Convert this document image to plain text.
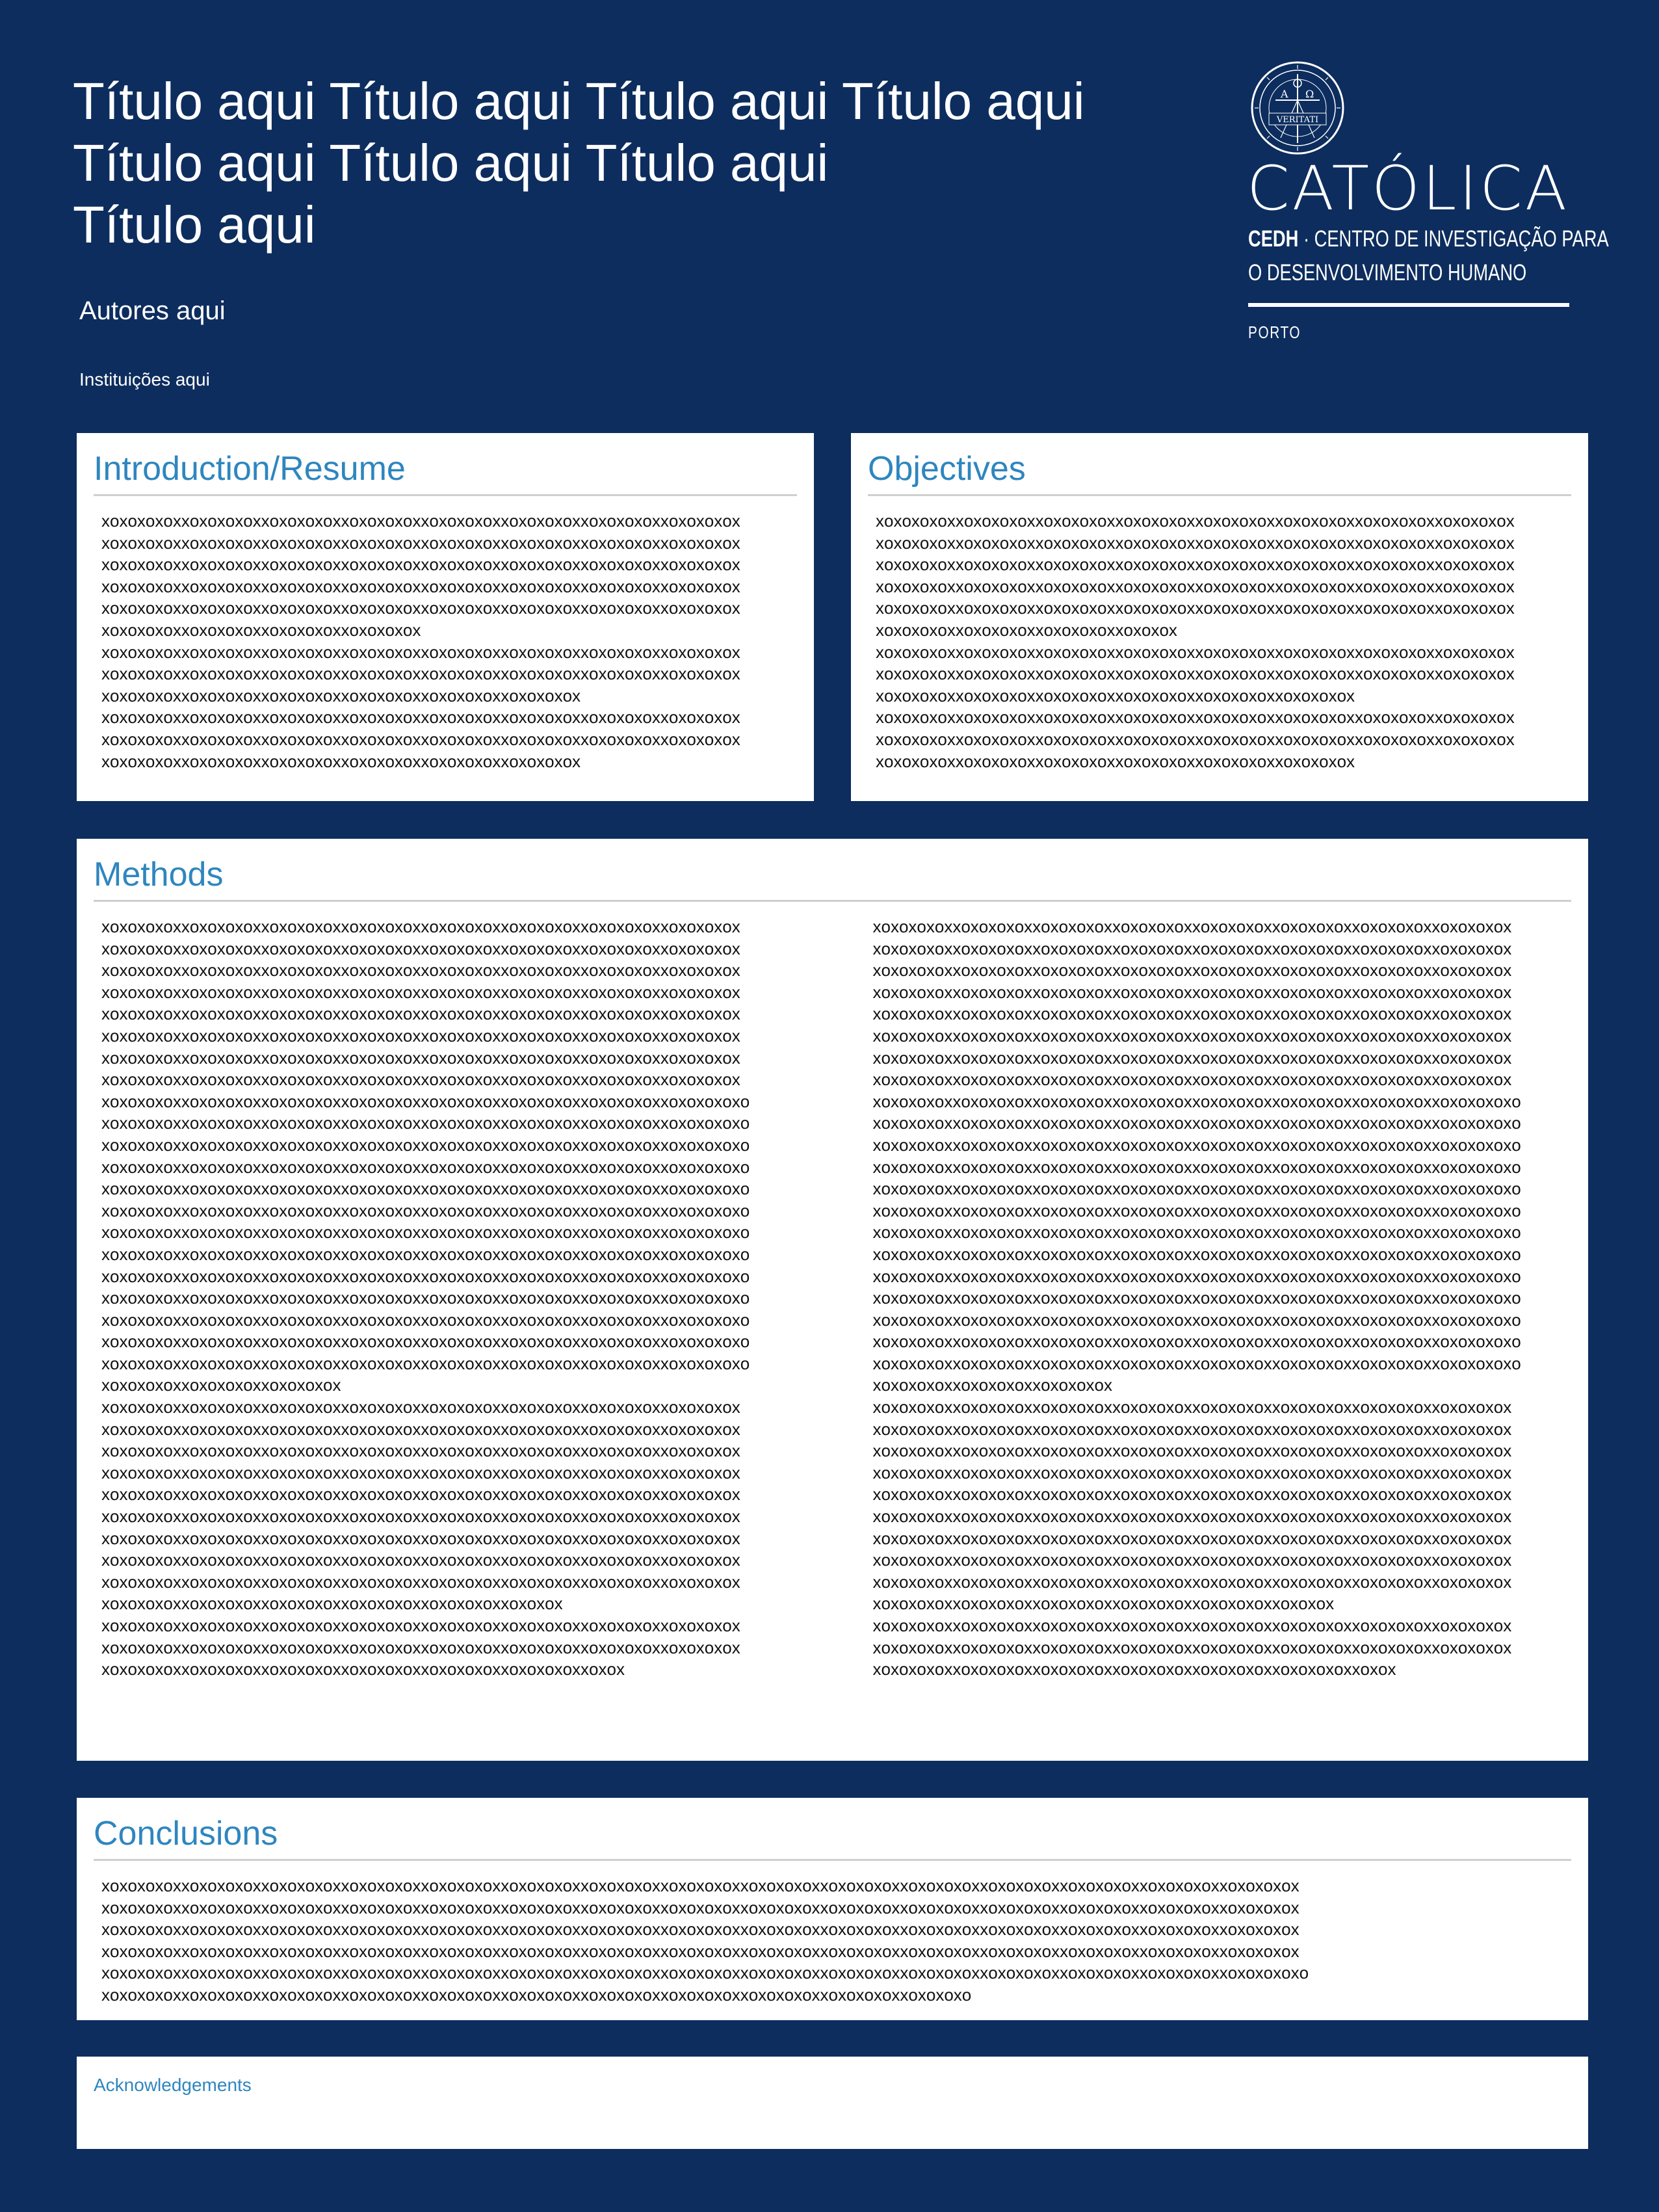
Título aqui Título aqui Título aqui Título aqui
Título aqui Título aqui Título aqui
Título aqui

Autores aqui

Instituições aqui

A Ω
VERITATI
CATÓLICA
CEDH · CENTRO DE INVESTIGAÇÃO PARA
O DESENVOLVIMENTO HUMANO
PORTO
Introduction/Resume

xoxoxoxoxxoxoxoxoxxoxoxoxoxxoxoxoxoxxoxoxoxoxxoxoxoxoxxoxoxoxoxxoxoxoxox
xoxoxoxoxxoxoxoxoxxoxoxoxoxxoxoxoxoxxoxoxoxoxxoxoxoxoxxoxoxoxoxxoxoxoxox
xoxoxoxoxxoxoxoxoxxoxoxoxoxxoxoxoxoxxoxoxoxoxxoxoxoxoxxoxoxoxoxxoxoxoxox
xoxoxoxoxxoxoxoxoxxoxoxoxoxxoxoxoxoxxoxoxoxoxxoxoxoxoxxoxoxoxoxxoxoxoxox
xoxoxoxoxxoxoxoxoxxoxoxoxoxxoxoxoxoxxoxoxoxoxxoxoxoxoxxoxoxoxoxxoxoxoxox
xoxoxoxoxxoxoxoxoxxoxoxoxoxxoxoxoxox

xoxoxoxoxxoxoxoxoxxoxoxoxoxxoxoxoxoxxoxoxoxoxxoxoxoxoxxoxoxoxoxxoxoxoxox
xoxoxoxoxxoxoxoxoxxoxoxoxoxxoxoxoxoxxoxoxoxoxxoxoxoxoxxoxoxoxoxxoxoxoxox
xoxoxoxoxxoxoxoxoxxoxoxoxoxxoxoxoxoxxoxoxoxoxxoxoxoxox

xoxoxoxoxxoxoxoxoxxoxoxoxoxxoxoxoxoxxoxoxoxoxxoxoxoxoxxoxoxoxoxxoxoxoxox
xoxoxoxoxxoxoxoxoxxoxoxoxoxxoxoxoxoxxoxoxoxoxxoxoxoxoxxoxoxoxoxxoxoxoxox
xoxoxoxoxxoxoxoxoxxoxoxoxoxxoxoxoxoxxoxoxoxoxxoxoxoxox

Objectives

xoxoxoxoxxoxoxoxoxxoxoxoxoxxoxoxoxoxxoxoxoxoxxoxoxoxoxxoxoxoxoxxoxoxoxox
xoxoxoxoxxoxoxoxoxxoxoxoxoxxoxoxoxoxxoxoxoxoxxoxoxoxoxxoxoxoxoxxoxoxoxox
xoxoxoxoxxoxoxoxoxxoxoxoxoxxoxoxoxoxxoxoxoxoxxoxoxoxoxxoxoxoxoxxoxoxoxox
xoxoxoxoxxoxoxoxoxxoxoxoxoxxoxoxoxoxxoxoxoxoxxoxoxoxoxxoxoxoxoxxoxoxoxox
xoxoxoxoxxoxoxoxoxxoxoxoxoxxoxoxoxoxxoxoxoxoxxoxoxoxoxxoxoxoxoxxoxoxoxox
xoxoxoxoxxoxoxoxoxxoxoxoxoxxoxoxox

xoxoxoxoxxoxoxoxoxxoxoxoxoxxoxoxoxoxxoxoxoxoxxoxoxoxoxxoxoxoxoxxoxoxoxox
xoxoxoxoxxoxoxoxoxxoxoxoxoxxoxoxoxoxxoxoxoxoxxoxoxoxoxxoxoxoxoxxoxoxoxox
xoxoxoxoxxoxoxoxoxxoxoxoxoxxoxoxoxoxxoxoxoxoxxoxoxoxox

xoxoxoxoxxoxoxoxoxxoxoxoxoxxoxoxoxoxxoxoxoxoxxoxoxoxoxxoxoxoxoxxoxoxoxox
xoxoxoxoxxoxoxoxoxxoxoxoxoxxoxoxoxoxxoxoxoxoxxoxoxoxoxxoxoxoxoxxoxoxoxox
xoxoxoxoxxoxoxoxoxxoxoxoxoxxoxoxoxoxxoxoxoxoxxoxoxoxox

Methods

xoxoxoxoxxoxoxoxoxxoxoxoxoxxoxoxoxoxxoxoxoxoxxoxoxoxoxxoxoxoxoxxoxoxoxox
xoxoxoxoxxoxoxoxoxxoxoxoxoxxoxoxoxoxxoxoxoxoxxoxoxoxoxxoxoxoxoxxoxoxoxox
xoxoxoxoxxoxoxoxoxxoxoxoxoxxoxoxoxoxxoxoxoxoxxoxoxoxoxxoxoxoxoxxoxoxoxox
xoxoxoxoxxoxoxoxoxxoxoxoxoxxoxoxoxoxxoxoxoxoxxoxoxoxoxxoxoxoxoxxoxoxoxox
xoxoxoxoxxoxoxoxoxxoxoxoxoxxoxoxoxoxxoxoxoxoxxoxoxoxoxxoxoxoxoxxoxoxoxox
xoxoxoxoxxoxoxoxoxxoxoxoxoxxoxoxoxoxxoxoxoxoxxoxoxoxoxxoxoxoxoxxoxoxoxox
xoxoxoxoxxoxoxoxoxxoxoxoxoxxoxoxoxoxxoxoxoxoxxoxoxoxoxxoxoxoxoxxoxoxoxox
xoxoxoxoxxoxoxoxoxxoxoxoxoxxoxoxoxoxxoxoxoxoxxoxoxoxoxxoxoxoxoxxoxoxoxox
xoxoxoxoxxoxoxoxoxxoxoxoxoxxoxoxoxoxxoxoxoxoxxoxoxoxoxxoxoxoxoxxoxoxoxoxo
xoxoxoxoxxoxoxoxoxxoxoxoxoxxoxoxoxoxxoxoxoxoxxoxoxoxoxxoxoxoxoxxoxoxoxoxo
xoxoxoxoxxoxoxoxoxxoxoxoxoxxoxoxoxoxxoxoxoxoxxoxoxoxoxxoxoxoxoxxoxoxoxoxo
xoxoxoxoxxoxoxoxoxxoxoxoxoxxoxoxoxoxxoxoxoxoxxoxoxoxoxxoxoxoxoxxoxoxoxoxo
xoxoxoxoxxoxoxoxoxxoxoxoxoxxoxoxoxoxxoxoxoxoxxoxoxoxoxxoxoxoxoxxoxoxoxoxo
xoxoxoxoxxoxoxoxoxxoxoxoxoxxoxoxoxoxxoxoxoxoxxoxoxoxoxxoxoxoxoxxoxoxoxoxo
xoxoxoxoxxoxoxoxoxxoxoxoxoxxoxoxoxoxxoxoxoxoxxoxoxoxoxxoxoxoxoxxoxoxoxoxo
xoxoxoxoxxoxoxoxoxxoxoxoxoxxoxoxoxoxxoxoxoxoxxoxoxoxoxxoxoxoxoxxoxoxoxoxo
xoxoxoxoxxoxoxoxoxxoxoxoxoxxoxoxoxoxxoxoxoxoxxoxoxoxoxxoxoxoxoxxoxoxoxoxo
xoxoxoxoxxoxoxoxoxxoxoxoxoxxoxoxoxoxxoxoxoxoxxoxoxoxoxxoxoxoxoxxoxoxoxoxo
xoxoxoxoxxoxoxoxoxxoxoxoxoxxoxoxoxoxxoxoxoxoxxoxoxoxoxxoxoxoxoxxoxoxoxoxo
xoxoxoxoxxoxoxoxoxxoxoxoxoxxoxoxoxoxxoxoxoxoxxoxoxoxoxxoxoxoxoxxoxoxoxoxo
xoxoxoxoxxoxoxoxoxxoxoxoxoxxoxoxoxoxxoxoxoxoxxoxoxoxoxxoxoxoxoxxoxoxoxoxo
xoxoxoxoxxoxoxoxoxxoxoxoxox

xoxoxoxoxxoxoxoxoxxoxoxoxoxxoxoxoxoxxoxoxoxoxxoxoxoxoxxoxoxoxoxxoxoxoxox
xoxoxoxoxxoxoxoxoxxoxoxoxoxxoxoxoxoxxoxoxoxoxxoxoxoxoxxoxoxoxoxxoxoxoxox
xoxoxoxoxxoxoxoxoxxoxoxoxoxxoxoxoxoxxoxoxoxoxxoxoxoxoxxoxoxoxoxxoxoxoxox
xoxoxoxoxxoxoxoxoxxoxoxoxoxxoxoxoxoxxoxoxoxoxxoxoxoxoxxoxoxoxoxxoxoxoxox
xoxoxoxoxxoxoxoxoxxoxoxoxoxxoxoxoxoxxoxoxoxoxxoxoxoxoxxoxoxoxoxxoxoxoxox
xoxoxoxoxxoxoxoxoxxoxoxoxoxxoxoxoxoxxoxoxoxoxxoxoxoxoxxoxoxoxoxxoxoxoxox
xoxoxoxoxxoxoxoxoxxoxoxoxoxxoxoxoxoxxoxoxoxoxxoxoxoxoxxoxoxoxoxxoxoxoxox
xoxoxoxoxxoxoxoxoxxoxoxoxoxxoxoxoxoxxoxoxoxoxxoxoxoxoxxoxoxoxoxxoxoxoxox
xoxoxoxoxxoxoxoxoxxoxoxoxoxxoxoxoxoxxoxoxoxoxxoxoxoxoxxoxoxoxoxxoxoxoxox
xoxoxoxoxxoxoxoxoxxoxoxoxoxxoxoxoxoxxoxoxoxoxxoxoxox

xoxoxoxoxxoxoxoxoxxoxoxoxoxxoxoxoxoxxoxoxoxoxxoxoxoxoxxoxoxoxoxxoxoxoxox
xoxoxoxoxxoxoxoxoxxoxoxoxoxxoxoxoxoxxoxoxoxoxxoxoxoxoxxoxoxoxoxxoxoxoxox
xoxoxoxoxxoxoxoxoxxoxoxoxoxxoxoxoxoxxoxoxoxoxxoxoxoxoxxoxox

xoxoxoxoxxoxoxoxoxxoxoxoxoxxoxoxoxoxxoxoxoxoxxoxoxoxoxxoxoxoxoxxoxoxoxox
xoxoxoxoxxoxoxoxoxxoxoxoxoxxoxoxoxoxxoxoxoxoxxoxoxoxoxxoxoxoxoxxoxoxoxox
xoxoxoxoxxoxoxoxoxxoxoxoxoxxoxoxoxoxxoxoxoxoxxoxoxoxoxxoxoxoxoxxoxoxoxox
xoxoxoxoxxoxoxoxoxxoxoxoxoxxoxoxoxoxxoxoxoxoxxoxoxoxoxxoxoxoxoxxoxoxoxox
xoxoxoxoxxoxoxoxoxxoxoxoxoxxoxoxoxoxxoxoxoxoxxoxoxoxoxxoxoxoxoxxoxoxoxox
xoxoxoxoxxoxoxoxoxxoxoxoxoxxoxoxoxoxxoxoxoxoxxoxoxoxoxxoxoxoxoxxoxoxoxox
xoxoxoxoxxoxoxoxoxxoxoxoxoxxoxoxoxoxxoxoxoxoxxoxoxoxoxxoxoxoxoxxoxoxoxox
xoxoxoxoxxoxoxoxoxxoxoxoxoxxoxoxoxoxxoxoxoxoxxoxoxoxoxxoxoxoxoxxoxoxoxox
xoxoxoxoxxoxoxoxoxxoxoxoxoxxoxoxoxoxxoxoxoxoxxoxoxoxoxxoxoxoxoxxoxoxoxoxo
xoxoxoxoxxoxoxoxoxxoxoxoxoxxoxoxoxoxxoxoxoxoxxoxoxoxoxxoxoxoxoxxoxoxoxoxo
xoxoxoxoxxoxoxoxoxxoxoxoxoxxoxoxoxoxxoxoxoxoxxoxoxoxoxxoxoxoxoxxoxoxoxoxo
xoxoxoxoxxoxoxoxoxxoxoxoxoxxoxoxoxoxxoxoxoxoxxoxoxoxoxxoxoxoxoxxoxoxoxoxo
xoxoxoxoxxoxoxoxoxxoxoxoxoxxoxoxoxoxxoxoxoxoxxoxoxoxoxxoxoxoxoxxoxoxoxoxo
xoxoxoxoxxoxoxoxoxxoxoxoxoxxoxoxoxoxxoxoxoxoxxoxoxoxoxxoxoxoxoxxoxoxoxoxo
xoxoxoxoxxoxoxoxoxxoxoxoxoxxoxoxoxoxxoxoxoxoxxoxoxoxoxxoxoxoxoxxoxoxoxoxo
xoxoxoxoxxoxoxoxoxxoxoxoxoxxoxoxoxoxxoxoxoxoxxoxoxoxoxxoxoxoxoxxoxoxoxoxo
xoxoxoxoxxoxoxoxoxxoxoxoxoxxoxoxoxoxxoxoxoxoxxoxoxoxoxxoxoxoxoxxoxoxoxoxo
xoxoxoxoxxoxoxoxoxxoxoxoxoxxoxoxoxoxxoxoxoxoxxoxoxoxoxxoxoxoxoxxoxoxoxoxo
xoxoxoxoxxoxoxoxoxxoxoxoxoxxoxoxoxoxxoxoxoxoxxoxoxoxoxxoxoxoxoxxoxoxoxoxo
xoxoxoxoxxoxoxoxoxxoxoxoxoxxoxoxoxoxxoxoxoxoxxoxoxoxoxxoxoxoxoxxoxoxoxoxo
xoxoxoxoxxoxoxoxoxxoxoxoxoxxoxoxoxoxxoxoxoxoxxoxoxoxoxxoxoxoxoxxoxoxoxoxo
xoxoxoxoxxoxoxoxoxxoxoxoxox

xoxoxoxoxxoxoxoxoxxoxoxoxoxxoxoxoxoxxoxoxoxoxxoxoxoxoxxoxoxoxoxxoxoxoxox
xoxoxoxoxxoxoxoxoxxoxoxoxoxxoxoxoxoxxoxoxoxoxxoxoxoxoxxoxoxoxoxxoxoxoxox
xoxoxoxoxxoxoxoxoxxoxoxoxoxxoxoxoxoxxoxoxoxoxxoxoxoxoxxoxoxoxoxxoxoxoxox
xoxoxoxoxxoxoxoxoxxoxoxoxoxxoxoxoxoxxoxoxoxoxxoxoxoxoxxoxoxoxoxxoxoxoxox
xoxoxoxoxxoxoxoxoxxoxoxoxoxxoxoxoxoxxoxoxoxoxxoxoxoxoxxoxoxoxoxxoxoxoxox
xoxoxoxoxxoxoxoxoxxoxoxoxoxxoxoxoxoxxoxoxoxoxxoxoxoxoxxoxoxoxoxxoxoxoxox
xoxoxoxoxxoxoxoxoxxoxoxoxoxxoxoxoxoxxoxoxoxoxxoxoxoxoxxoxoxoxoxxoxoxoxox
xoxoxoxoxxoxoxoxoxxoxoxoxoxxoxoxoxoxxoxoxoxoxxoxoxoxoxxoxoxoxoxxoxoxoxox
xoxoxoxoxxoxoxoxoxxoxoxoxoxxoxoxoxoxxoxoxoxoxxoxoxoxoxxoxoxoxoxxoxoxoxox
xoxoxoxoxxoxoxoxoxxoxoxoxoxxoxoxoxoxxoxoxoxoxxoxoxox

xoxoxoxoxxoxoxoxoxxoxoxoxoxxoxoxoxoxxoxoxoxoxxoxoxoxoxxoxoxoxoxxoxoxoxox
xoxoxoxoxxoxoxoxoxxoxoxoxoxxoxoxoxoxxoxoxoxoxxoxoxoxoxxoxoxoxoxxoxoxoxox
xoxoxoxoxxoxoxoxoxxoxoxoxoxxoxoxoxoxxoxoxoxoxxoxoxoxoxxoxox

Conclusions
xoxoxoxoxxoxoxoxoxxoxoxoxoxxoxoxoxoxxoxoxoxoxxoxoxoxoxxoxoxoxoxxoxoxoxoxxoxoxoxoxxoxoxoxoxxoxoxoxoxxoxoxoxoxxoxoxoxoxxoxoxoxoxxoxoxoxox
xoxoxoxoxxoxoxoxoxxoxoxoxoxxoxoxoxoxxoxoxoxoxxoxoxoxoxxoxoxoxoxxoxoxoxoxxoxoxoxoxxoxoxoxoxxoxoxoxoxxoxoxoxoxxoxoxoxoxxoxoxoxoxxoxoxoxox
xoxoxoxoxxoxoxoxoxxoxoxoxoxxoxoxoxoxxoxoxoxoxxoxoxoxoxxoxoxoxoxxoxoxoxoxxoxoxoxoxxoxoxoxoxxoxoxoxoxxoxoxoxoxxoxoxoxoxxoxoxoxoxxoxoxoxox
xoxoxoxoxxoxoxoxoxxoxoxoxoxxoxoxoxoxxoxoxoxoxxoxoxoxoxxoxoxoxoxxoxoxoxoxxoxoxoxoxxoxoxoxoxxoxoxoxoxxoxoxoxoxxoxoxoxoxxoxoxoxoxxoxoxoxox
xoxoxoxoxxoxoxoxoxxoxoxoxoxxoxoxoxoxxoxoxoxoxxoxoxoxoxxoxoxoxoxxoxoxoxoxxoxoxoxoxxoxoxoxoxxoxoxoxoxxoxoxoxoxxoxoxoxoxxoxoxoxoxxoxoxoxoxo
xoxoxoxoxxoxoxoxoxxoxoxoxoxxoxoxoxoxxoxoxoxoxxoxoxoxoxxoxoxoxoxxoxoxoxoxxoxoxoxoxxoxoxoxoxxoxoxoxo
Acknowledgements
